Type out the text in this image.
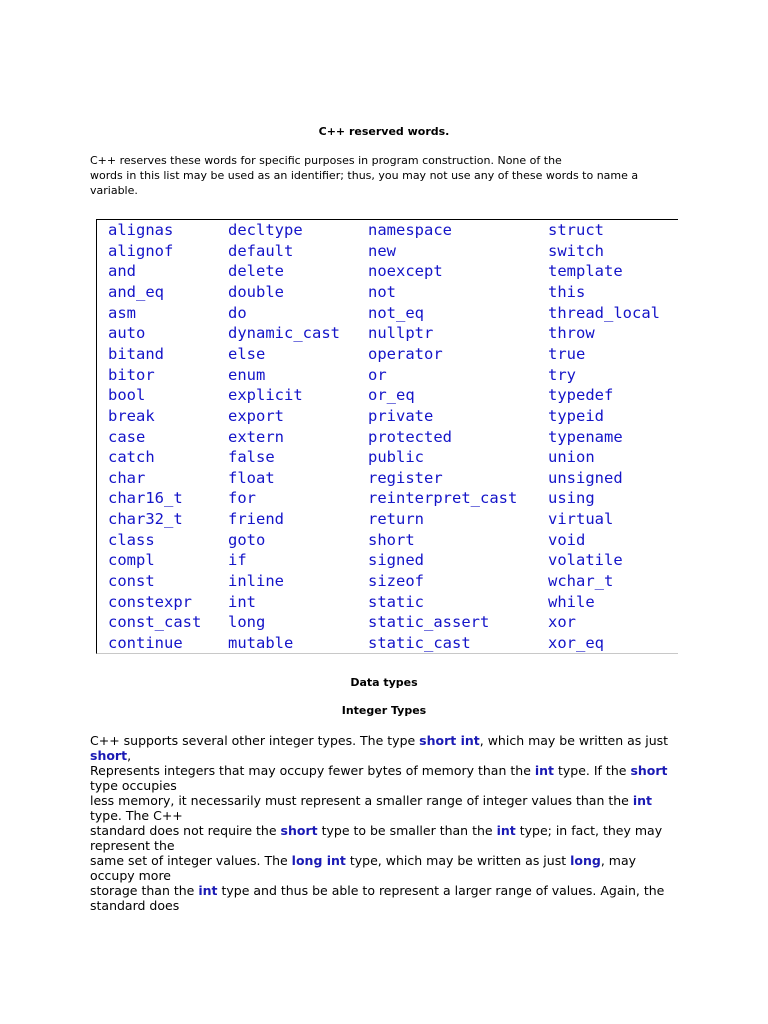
C++ reserved words.
C++ reserves these words for specific purposes in program construction. None of the
words in this list may be used as an identifier; thus, you may not use any of these words to name a
variable.
alignas
alignof
and
and_eq
asm
auto
bitand
bitor
bool
break
case
catch
char
char16_t
char32_t
class
compl
const
constexpr
const_cast
continue
decltype
default
delete
double
do
dynamic_cast
else
enum
explicit
export
extern
false
float
for
friend
goto
if
inline
int
long
mutable
namespace
new
noexcept
not
not_eq
nullptr
operator
or
or_eq
private
protected
public
register
reinterpret_cast
return
short
signed
sizeof
static
static_assert
static_cast
struct
switch
template
this
thread_local
throw
true
try
typedef
typeid
typename
union
unsigned
using
virtual
void
volatile
wchar_t
while
xor
xor_eq
Data types
Integer Types
C++ supports several other integer types. The type short int, which may be written as just
short,
Represents integers that may occupy fewer bytes of memory than the int type. If the short
type occupies
less memory, it necessarily must represent a smaller range of integer values than the int
type. The C++
standard does not require the short type to be smaller than the int type; in fact, they may
represent the
same set of integer values. The long int type, which may be written as just long, may
occupy more
storage than the int type and thus be able to represent a larger range of values. Again, the
standard does
